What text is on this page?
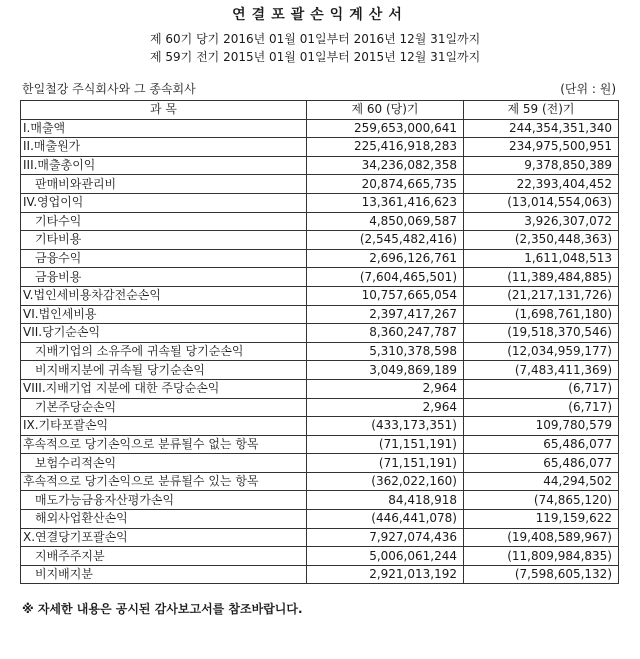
연결포괄손익계산서
제 60기 당기 2016년 01월 01일부터 2016년 12월 31일까지
제 59기 전기 2015년 01월 01일부터 2015년 12월 31일까지
한일철강 주식회사와 그 종속회사	(단위 : 원)
과 목	제 60 (당)기	제 59 (전)기
I.매출액	259,653,000,641	244,354,351,340
II.매출원가	225,416,918,283	234,975,500,951
III.매출총이익	34,236,082,358	9,378,850,389
판매비와관리비	20,874,665,735	22,393,404,452
IV.영업이익	13,361,416,623	(13,014,554,063)
기타수익	4,850,069,587	3,926,307,072
기타비용	(2,545,482,416)	(2,350,448,363)
금융수익	2,696,126,761	1,611,048,513
금융비용	(7,604,465,501)	(11,389,484,885)
V.법인세비용차감전순손익	10,757,665,054	(21,217,131,726)
VI.법인세비용	2,397,417,267	(1,698,761,180)
VII.당기순손익	8,360,247,787	(19,518,370,546)
지배기업의 소유주에 귀속될 당기순손익	5,310,378,598	(12,034,959,177)
비지배지분에 귀속될 당기순손익	3,049,869,189	(7,483,411,369)
VIII.지배기업 지분에 대한 주당순손익	2,964	(6,717)
기본주당순손익	2,964	(6,717)
IX.기타포괄손익	(433,173,351)	109,780,579
후속적으로 당기손익으로 분류될수 없는 항목	(71,151,191)	65,486,077
보험수리적손익	(71,151,191)	65,486,077
후속적으로 당기손익으로 분류될수 있는 항목	(362,022,160)	44,294,502
매도가능금융자산평가손익	84,418,918	(74,865,120)
해외사업환산손익	(446,441,078)	119,159,622
X.연결당기포괄손익	7,927,074,436	(19,408,589,967)
지배주주지분	5,006,061,244	(11,809,984,835)
비지배지분	2,921,013,192	(7,598,605,132)
※ 자세한 내용은 공시된 감사보고서를 참조바랍니다.
